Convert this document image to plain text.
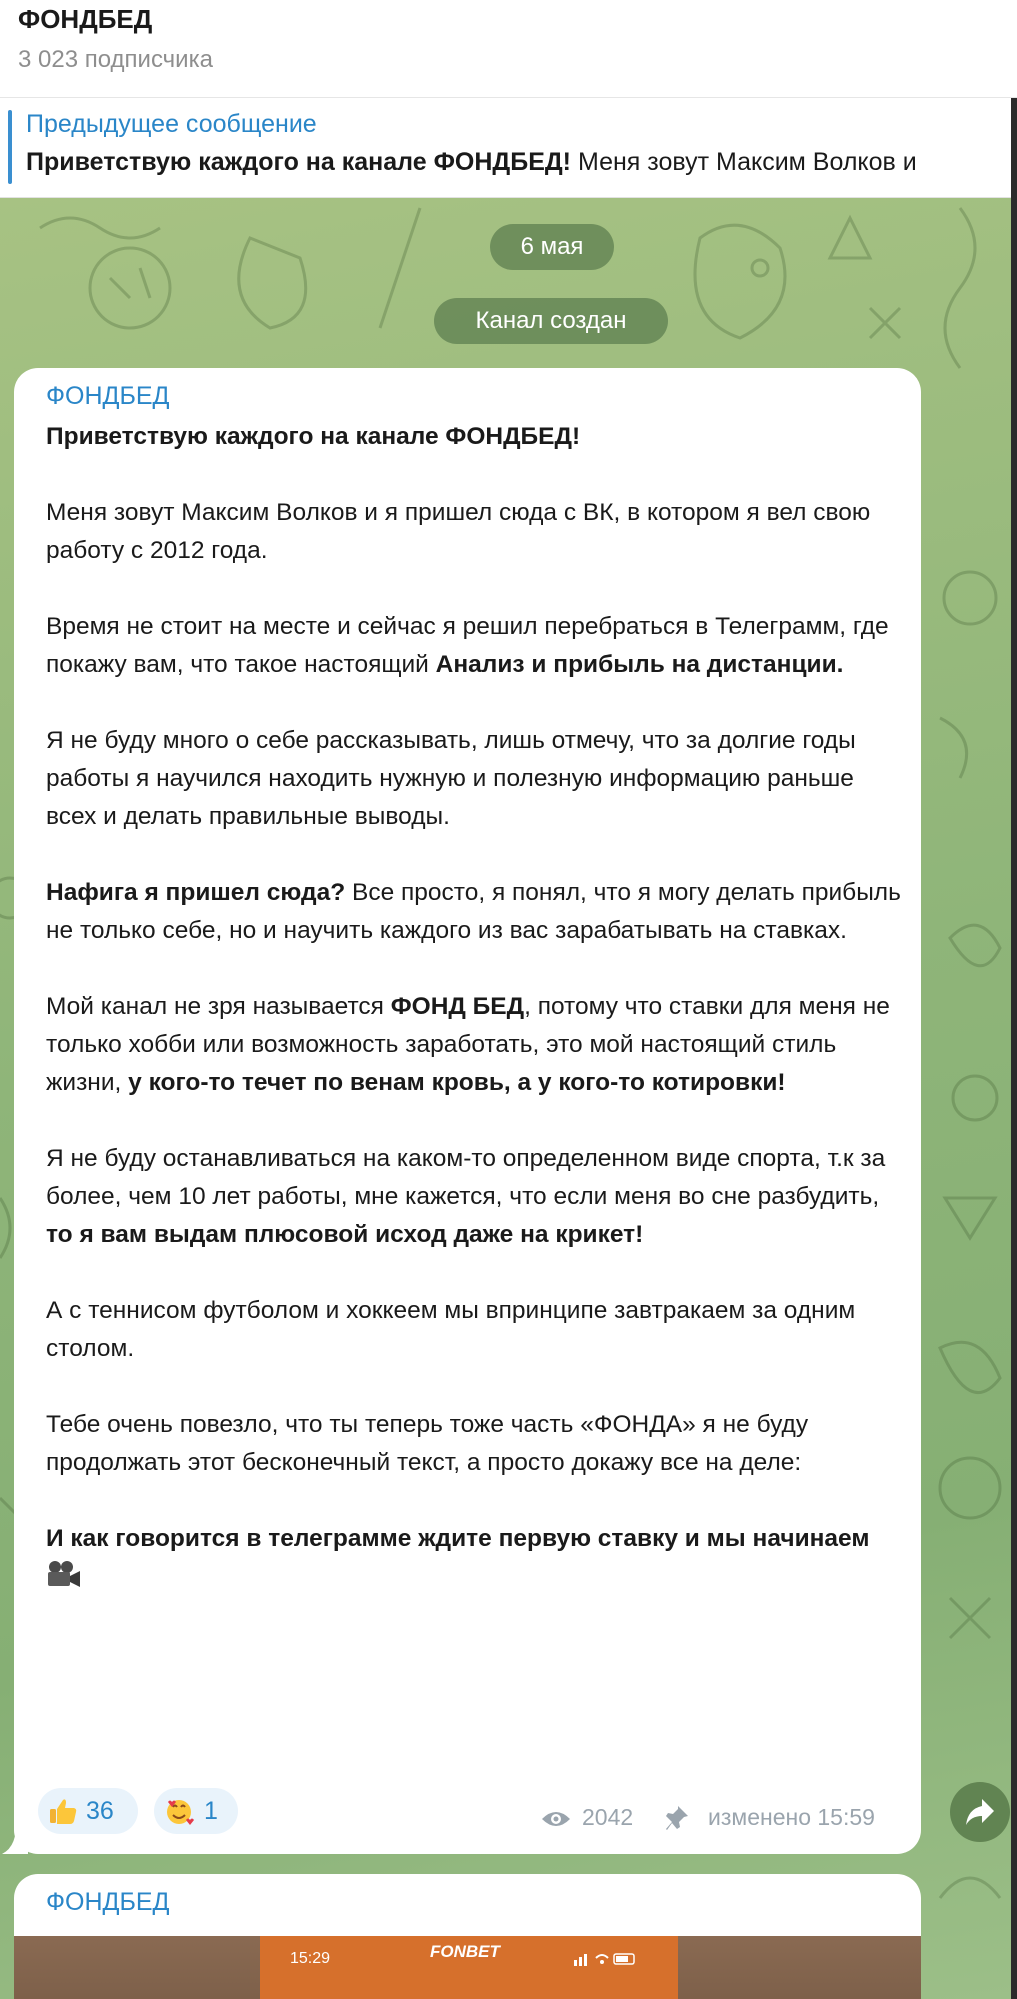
ФОНДБЕД
3 023 подписчика
Предыдущее сообщение
Приветствую каждого на канале ФОНДБЕД! Меня зовут Максим Волков и
6 мая
Канал создан
ФОНДБЕД

Приветствую каждого на канале ФОНДБЕД!

Меня зовут Максим Волков и я пришел сюда с ВК, в котором я вел свою работу с 2012 года.

Время не стоит на месте и сейчас я решил перебраться в Телеграмм, где покажу вам, что такое настоящий Анализ и прибыль на дистанции.

Я не буду много о себе рассказывать, лишь отмечу, что за долгие годы работы я научился находить нужную и полезную информацию раньше всех и делать правильные выводы.

Нафига я пришел сюда? Все просто, я понял, что я могу делать прибыль не только себе, но и научить каждого из вас зарабатывать на ставках.

Мой канал не зря называется ФОНД БЕД, потому что ставки для меня не только хобби или возможность заработать, это мой настоящий стиль жизни, у кого-то течет по венам кровь, а у кого-то котировки!

Я не буду останавливаться на каком-то определенном виде спорта, т.к за более, чем 10 лет работы, мне кажется, что если меня во сне разбудить, то я вам выдам плюсовой исход даже на крикет!

А с теннисом футболом и хоккеем мы впринципе завтракаем за одним столом.

Тебе очень повезло, что ты теперь тоже часть «ФОНДА» я не буду продолжать этот бесконечный текст, а просто докажу все на деле:

И как говорится в телеграмме ждите первую ставку и мы начинаем

36	1	2042	изменено 15:59
ФОНДБЕД
15:29	FONBET
